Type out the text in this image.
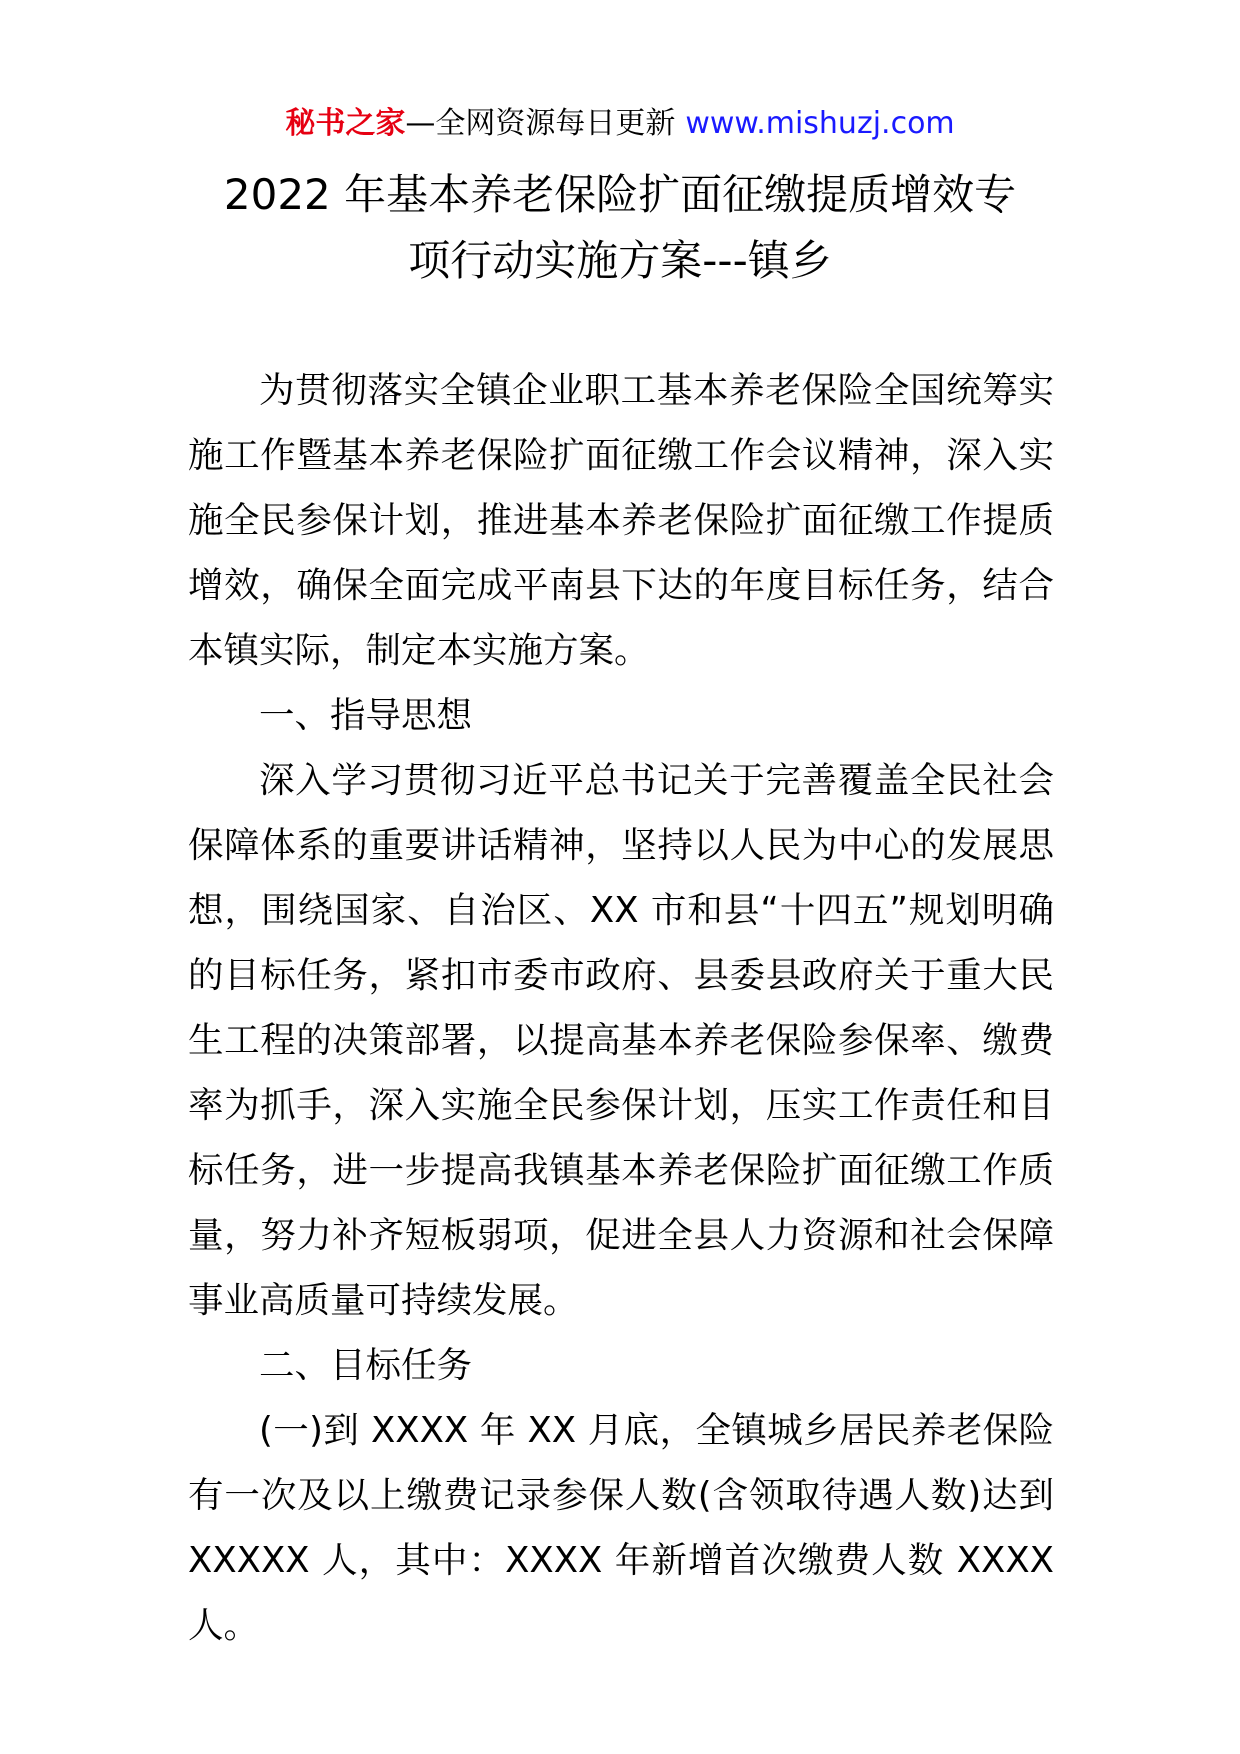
秘书之家—全网资源每日更新 www.mishuzj.com
2022 年基本养老保险扩面征缴提质增效专
项行动实施方案---镇乡

为贯彻落实全镇企业职工基本养老保险全国统筹实施工作暨基本养老保险扩面征缴工作会议精神，深入实施全民参保计划，推进基本养老保险扩面征缴工作提质增效，确保全面完成平南县下达的年度目标任务，结合本镇实际，制定本实施方案。

一、指导思想

深入学习贯彻习近平总书记关于完善覆盖全民社会保障体系的重要讲话精神，坚持以人民为中心的发展思想，围绕国家、自治区、XX 市和县“十四五”规划明确的目标任务，紧扣市委市政府、县委县政府关于重大民生工程的决策部署，以提高基本养老保险参保率、缴费率为抓手，深入实施全民参保计划，压实工作责任和目标任务，进一步提高我镇基本养老保险扩面征缴工作质量，努力补齐短板弱项，促进全县人力资源和社会保障事业高质量可持续发展。

二、目标任务

(一)到 XXXX 年 XX 月底，全镇城乡居民养老保险有一次及以上缴费记录参保人数(含领取待遇人数)达到 XXXXX 人，其中：XXXX 年新增首次缴费人数 XXXX 人。
